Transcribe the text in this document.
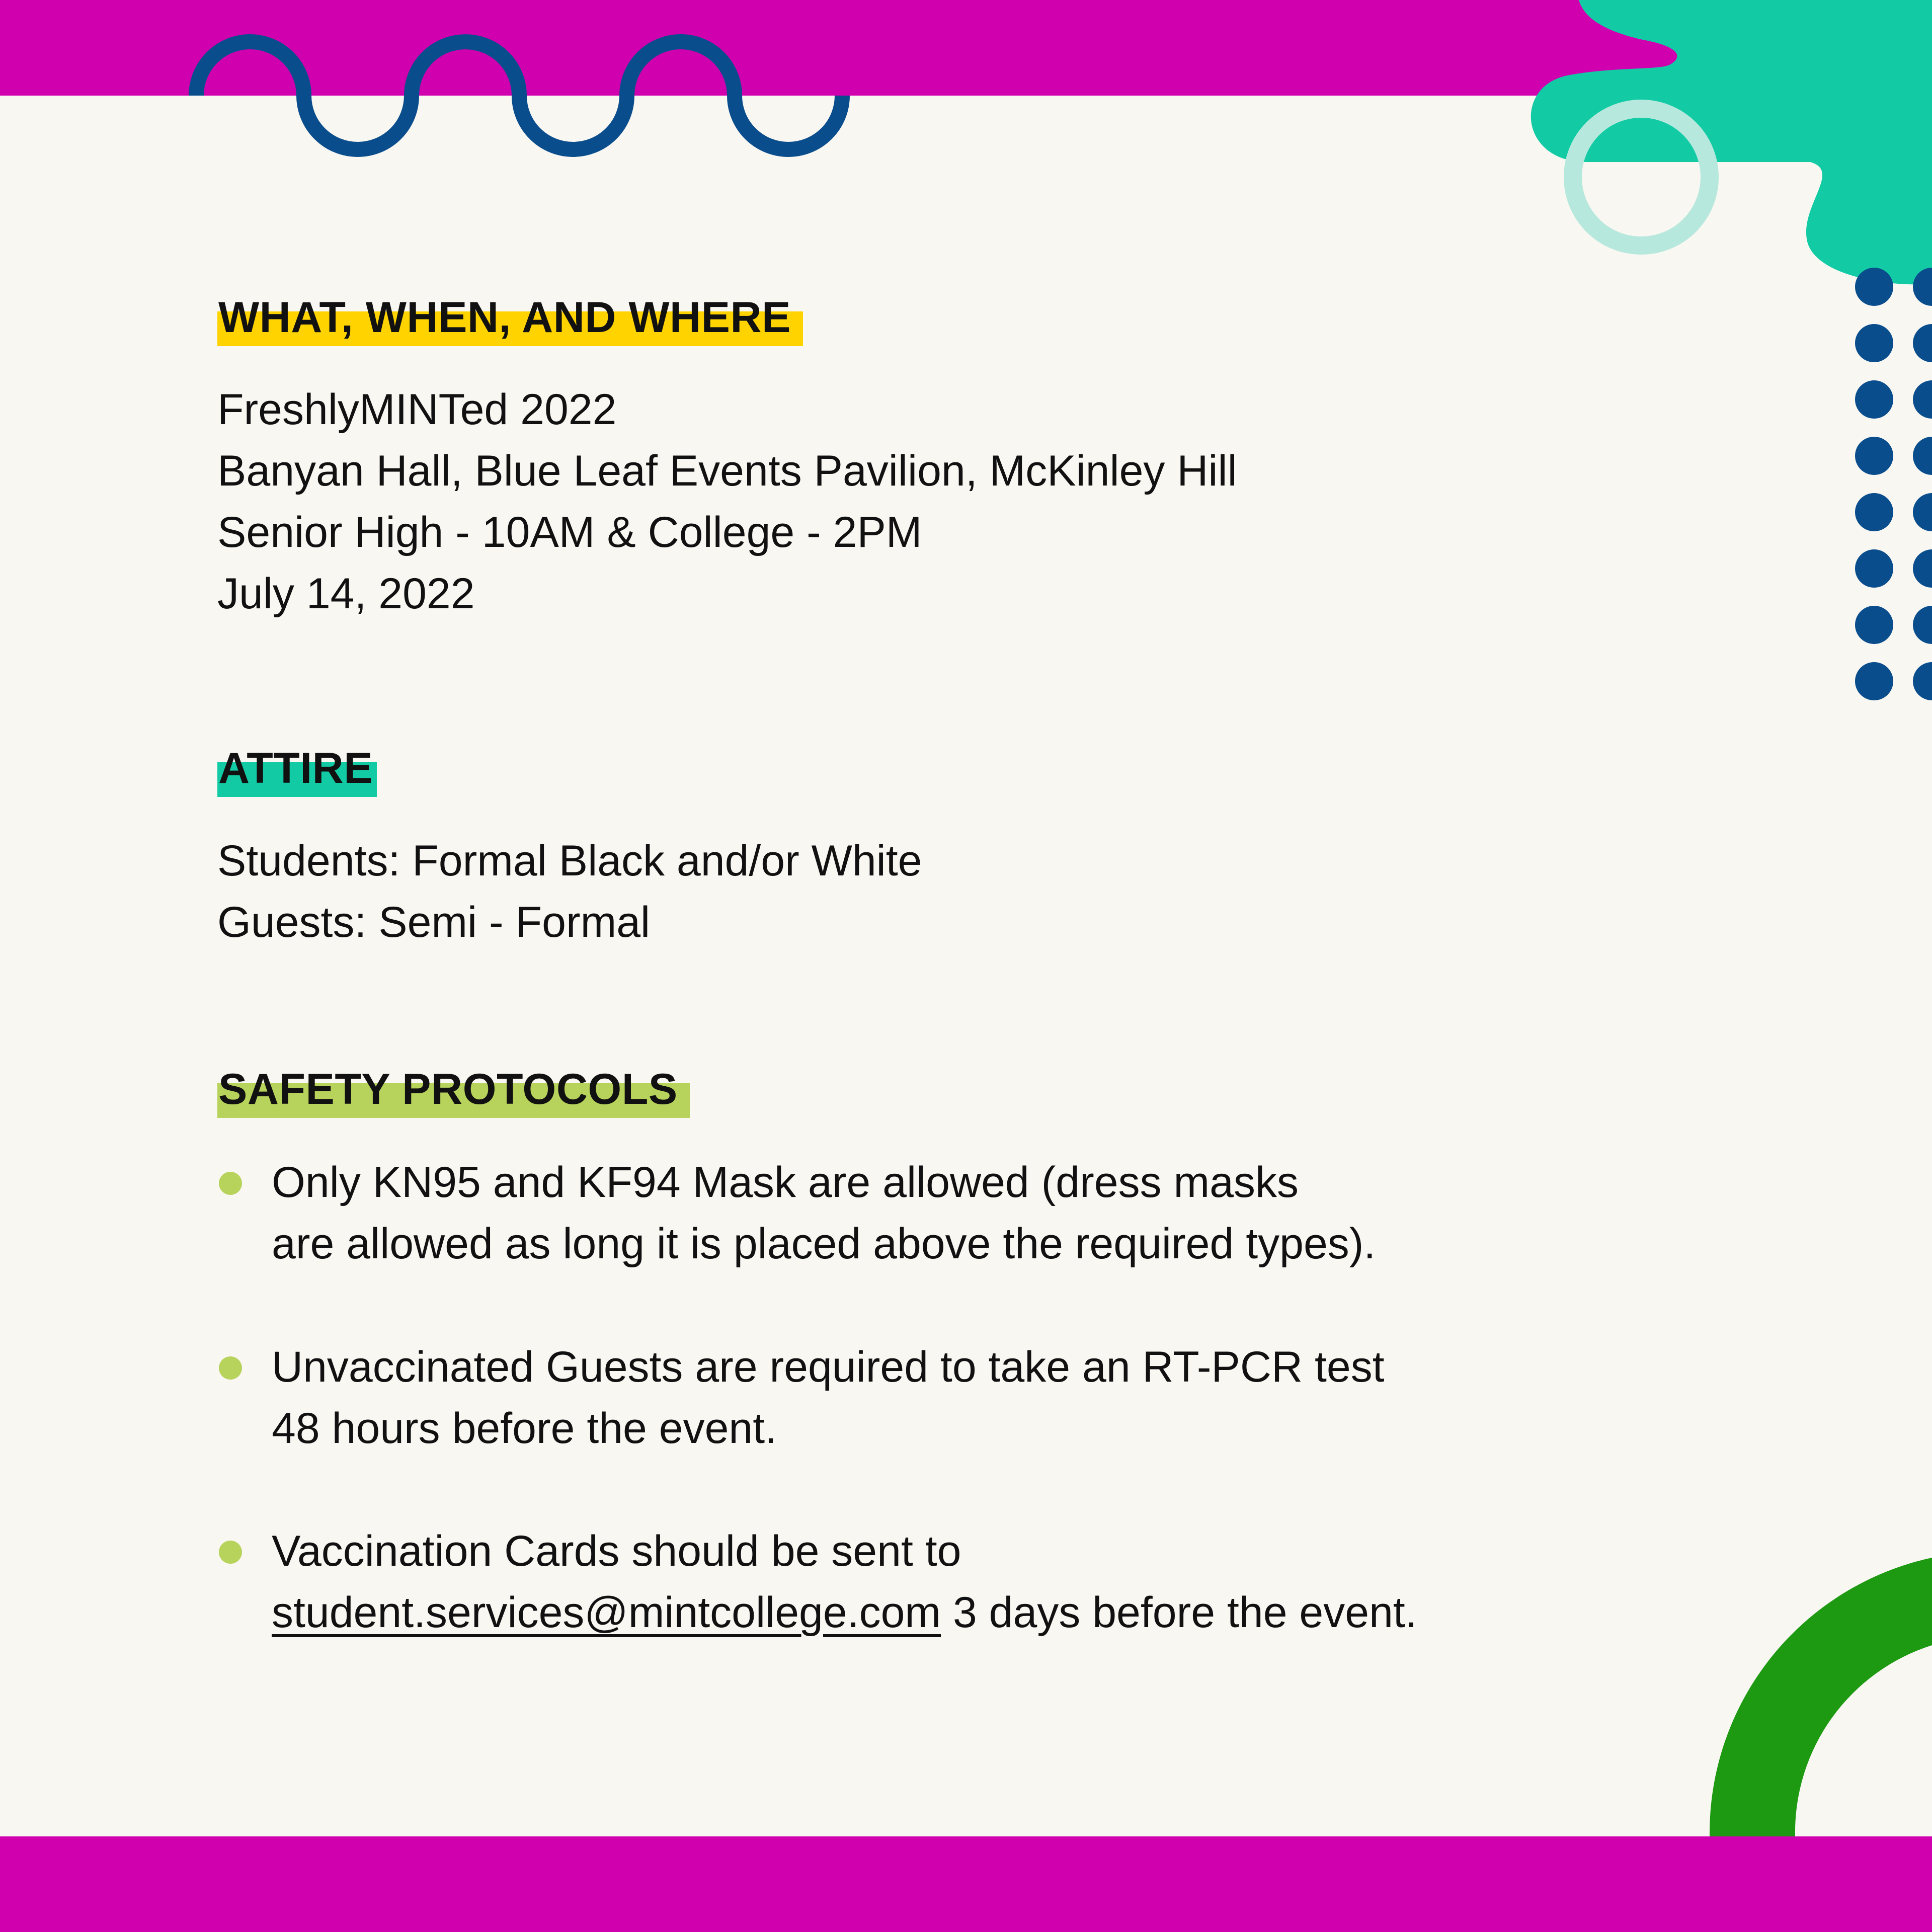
WHAT, WHEN, AND WHERE
FreshlyMINTed 2022
Banyan Hall, Blue Leaf Events Pavilion, McKinley Hill
Senior High - 10AM & College - 2PM
July 14, 2022
ATTIRE
Students: Formal Black and/or White
Guests: Semi - Formal
SAFETY PROTOCOLS
Only KN95 and KF94 Mask are allowed (dress masks
are allowed as long it is placed above the required types).
Unvaccinated Guests are required to take an RT-PCR test
48 hours before the event.
Vaccination Cards should be sent to
student.services@mintcollege.com 3 days before the event.
